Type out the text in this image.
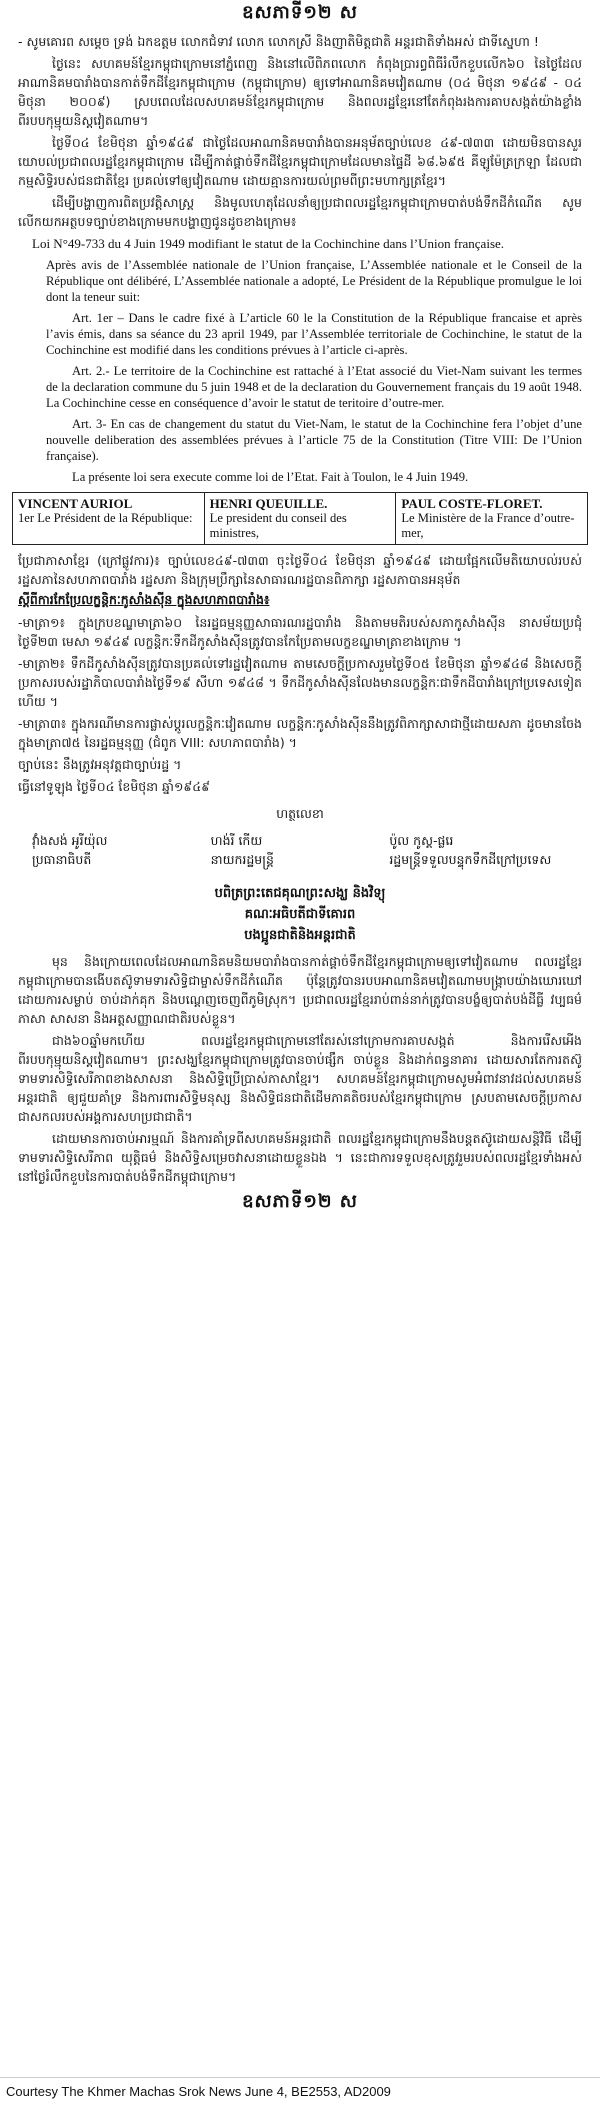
ឧសភាទី១២ ស

- សូមគោរព សម្តេច ទ្រង់ ឯកឧត្តម លោកជំទាវ លោក លោកស្រី និងញាតិមិត្តជាតិ អន្តរជាតិទាំងអស់ ជាទីស្នេហា !

ថ្ងៃនេះ សហគមន៍ខ្មែរកម្ពុជាក្រោមនៅភ្នំពេញ និងនៅលើពិភពលោក កំពុងប្រារព្ធពិធីរំលឹកខួបលើក៦០ នៃថ្ងៃដែលអាណានិគមបារាំងបានកាត់ទឹកដីខ្មែរកម្ពុជាក្រោម (កម្ពុជាក្រោម) ឲ្យទៅអាណានិគមវៀតណាម (០៤ មិថុនា ១៩៤៩ - ០៤ មិថុនា ២០០៩) ស្របពេលដែលសហគមន៍ខ្មែរកម្ពុជាក្រោម និងពលរដ្ឋខ្មែរនៅតែកំពុងរងការគាបសង្កត់យ៉ាងខ្លាំងពីរបបកុម្មុយនិស្តវៀតណាម។

ថ្ងៃទី០៤ ខែមិថុនា ឆ្នាំ១៩៤៩ ជាថ្ងៃដែលអាណានិគមបារាំងបានអនុម័តច្បាប់លេខ ៤៩-៧៣៣ ដោយមិនបានសួរយោបល់ប្រជាពលរដ្ឋខ្មែរកម្ពុជាក្រោម ដើម្បីកាត់ផ្តាច់ទឹកដីខ្មែរកម្ពុជាក្រោមដែលមានផ្ទៃដី ៦៨.៦៩៥ គីឡូម៉ែត្រក្រឡា ដែលជាកម្មសិទ្ធិរបស់ជនជាតិខ្មែរ ប្រគល់ទៅឲ្យវៀតណាម ដោយគ្មានការយល់ព្រមពីព្រះមហាក្សត្រខ្មែរ។

ដើម្បីបង្ហាញការពិតប្រវត្តិសាស្ត្រ និងមូលហេតុដែលនាំឲ្យប្រជាពលរដ្ឋខ្មែរកម្ពុជាក្រោមបាត់បង់ទឹកដីកំណើត សូមលើកយកអត្ថបទច្បាប់ខាងក្រោមមកបង្ហាញជូនដូចខាងក្រោម៖

Loi N°49-733 du 4 Juin 1949 modifiant le statut de la Cochinchine dans l’Union française.

Après avis de l’Assemblée nationale de l’Union française, L’Assemblée nationale et le Conseil de la République ont délibéré, L’Assemblée nationale a adopté, Le Président de la République promulgue le loi dont la teneur suit:

Art. 1er – Dans le cadre fixé à L’article 60 le la Constitution de la République francaise et après l’avis émis, dans sa séance du 23 april 1949, par l’Assemblée territoriale de Cochinchine, le statut de la Cochinchine est modifié dans les conditions prévues à l’article ci-après.

Art. 2.- Le territoire de la Cochinchine est rattaché à l’Etat associé du Viet-Nam suivant les termes de la declaration commune du 5 juin 1948 et de la declaration du Gouvernement français du 19 août 1948. La Cochinchine cesse en conséquence d’avoir le statut de teritoire d’outre-mer.

Art. 3- En cas de changement du statut du Viet-Nam, le statut de la Cochinchine fera l’objet d’une nouvelle deliberation des assemblées prévues à l’article 75 de la Constitution (Titre VIII: De l’Union française).

La présente loi sera execute comme loi de l’Etat. Fait à Toulon, le 4 Juin 1949.

VINCENT AURIOL
1er Le Président de la République:
HENRI QUEUILLE.
Le president du conseil des ministres,
PAUL COSTE-FLORET.
Le Ministère de la France d’outre-mer,

ប្រែជាភាសាខ្មែរ (ក្រៅផ្លូវការ)៖ ច្បាប់លេខ៤៩-៧៣៣ ចុះថ្ងៃទី០៤ ខែមិថុនា ឆ្នាំ១៩៤៩ ដោយផ្អែកលើមតិយោបល់របស់រដ្ឋសភានៃសហភាពបារាំង រដ្ឋសភា និងក្រុមប្រឹក្សានៃសាធារណរដ្ឋបានពិភាក្សា រដ្ឋសភាបានអនុម័ត

ស្តីពីការកែប្រែលក្ខន្តិកៈកូសាំងស៊ីន ក្នុងសហភាពបារាំង៖

-មាត្រា១៖ ក្នុងក្របខណ្ឌមាត្រា៦០ នៃរដ្ឋធម្មនុញ្ញសាធារណរដ្ឋបារាំង និងតាមមតិរបស់សភាកូសាំងស៊ីន នាសម័យប្រជុំថ្ងៃទី២៣ មេសា ១៩៤៩ លក្ខន្តិកៈទឹកដីកូសាំងស៊ីនត្រូវបានកែប្រែតាមលក្ខខណ្ឌមាត្រាខាងក្រោម ។

-មាត្រា២៖ ទឹកដីកូសាំងស៊ីនត្រូវបានប្រគល់ទៅរដ្ឋវៀតណាម តាមសេចក្តីប្រកាសរួមថ្ងៃទី០៥ ខែមិថុនា ឆ្នាំ១៩៤៨ និងសេចក្តីប្រកាសរបស់រដ្ឋាភិបាលបារាំងថ្ងៃទី១៩ សីហា ១៩៤៨ ។ ទឹកដីកូសាំងស៊ីនលែងមានលក្ខន្តិកៈជាទឹកដីបារាំងក្រៅប្រទេសទៀតហើយ ។

-មាត្រា៣៖ ក្នុងករណីមានការផ្លាស់ប្តូរលក្ខន្តិកៈវៀតណាម លក្ខន្តិកៈកូសាំងស៊ីននឹងត្រូវពិភាក្សាសាជាថ្មីដោយសភា ដូចមានចែងក្នុងមាត្រា៧៥ នៃរដ្ឋធម្មនុញ្ញ (ជំពូក VIII: សហភាពបារាំង) ។

ច្បាប់នេះ នឹងត្រូវអនុវត្តជាច្បាប់រដ្ឋ ។

ធ្វើនៅទូឡុង ថ្ងៃទី០៤ ខែមិថុនា ឆ្នាំ១៩៤៩

ហត្ថលេខា

វ៉ាំងសង់ អូរីយ៉ុល
ប្រធានាធិបតី
ហង់រី កើយ
នាយករដ្ឋមន្ត្រី
ប៉ូល កូស្ត-ផ្លរេ
រដ្ឋមន្ត្រីទទួលបន្ទុកទឹកដីក្រៅប្រទេស
បពិត្រព្រះតេជគុណព្រះសង្ឃ និងវិទ្យុ
គណៈអធិបតីជាទីគោរព
បងប្អូនជាតិនិងអន្តរជាតិ

មុន និងក្រោយពេលដែលអាណានិគមនិយមបារាំងបានកាត់ផ្តាច់ទឹកដីខ្មែរកម្ពុជាក្រោមឲ្យទៅវៀតណាម ពលរដ្ឋខ្មែរកម្ពុជាក្រោមបានងើបតស៊ូទាមទារសិទ្ធិជាម្ចាស់ទឹកដីកំណើត ប៉ុន្តែត្រូវបានរបបអាណានិគមវៀតណាមបង្ក្រាបយ៉ាងឃោរឃៅ ដោយការសម្លាប់ ចាប់ដាក់គុក និងបណ្តេញចេញពីភូមិស្រុក។ ប្រជាពលរដ្ឋខ្មែររាប់ពាន់នាក់ត្រូវបានបង្ខំឲ្យបាត់បង់ដីធ្លី វប្បធម៌ ភាសា សាសនា និងអត្តសញ្ញាណជាតិរបស់ខ្លួន។

ជាង៦០ឆ្នាំមកហើយ ពលរដ្ឋខ្មែរកម្ពុជាក្រោមនៅតែរស់នៅក្រោមការគាបសង្កត់ និងការរើសអើងពីរបបកុម្មុយនិស្តវៀតណាម។ ព្រះសង្ឃខ្មែរកម្ពុជាក្រោមត្រូវបានចាប់ផ្សឹក ចាប់ខ្លួន និងដាក់ពន្ធនាគារ ដោយសារតែការតស៊ូទាមទារសិទ្ធិសេរីភាពខាងសាសនា និងសិទ្ធិប្រើប្រាស់ភាសាខ្មែរ។ សហគមន៍ខ្មែរកម្ពុជាក្រោមសូមអំពាវនាវដល់សហគមន៍អន្តរជាតិ ឲ្យជួយគាំទ្រ និងការពារសិទ្ធិមនុស្ស និងសិទ្ធិជនជាតិដើមភាគតិចរបស់ខ្មែរកម្ពុជាក្រោម ស្របតាមសេចក្តីប្រកាសជាសកលរបស់អង្គការសហប្រជាជាតិ។

ដោយមានការចាប់អារម្មណ៍ និងការគាំទ្រពីសហគមន៍អន្តរជាតិ ពលរដ្ឋខ្មែរកម្ពុជាក្រោមនឹងបន្តតស៊ូដោយសន្តិវិធី ដើម្បីទាមទារសិទ្ធិសេរីភាព យុត្តិធម៌ និងសិទ្ធិសម្រេចវាសនាដោយខ្លួនឯង ។ នេះជាការទទួលខុសត្រូវរួមរបស់ពលរដ្ឋខ្មែរទាំងអស់ នៅថ្ងៃរំលឹកខួបនៃការបាត់បង់ទឹកដីកម្ពុជាក្រោម។

ឧសភាទី១២ ស
Courtesy The Khmer Machas Srok News June 4, BE2553, AD2009
